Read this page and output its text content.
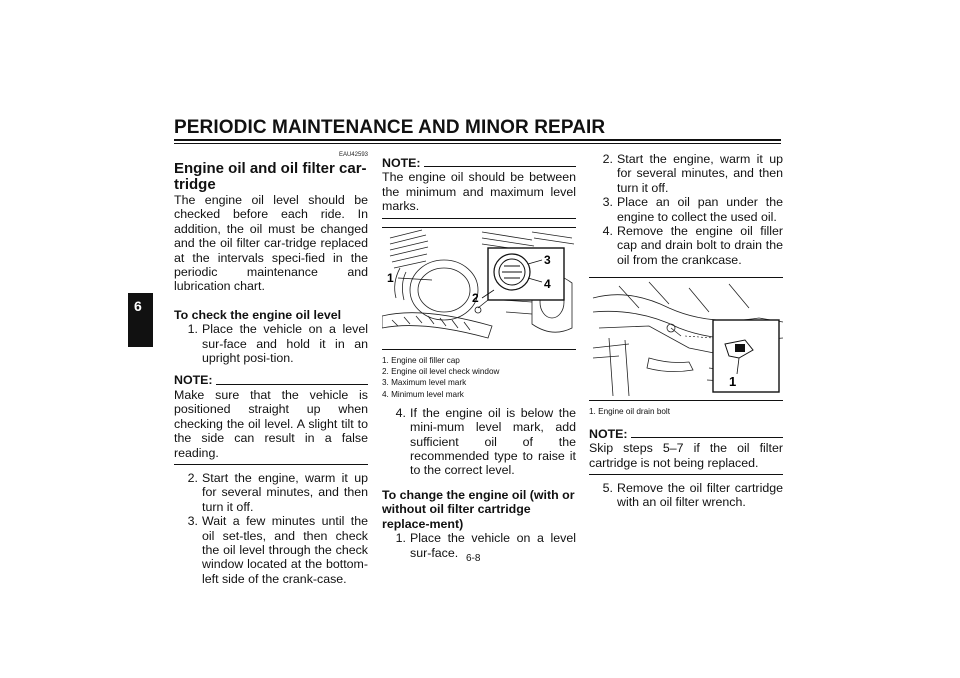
PERIODIC MAINTENANCE AND MINOR REPAIR
6
EAU42593
Engine oil and oil filter car-tridge

The engine oil level should be checked before each ride. In addition, the oil must be changed and the oil filter car-tridge replaced at the intervals speci-fied in the periodic maintenance and lubrication chart.

To check the engine oil level
1. Place the vehicle on a level sur-face and hold it in an upright posi-tion.
NOTE:

Make sure that the vehicle is positioned straight up when checking the oil level. A slight tilt to the side can result in a false reading.

2. Start the engine, warm it up for several minutes, and then turn it off.
3. Wait a few minutes until the oil set-tles, and then check the oil level through the check window located at the bottom-left side of the crank-case.
NOTE:

The engine oil should be between the minimum and maximum level marks.

1
2
3
4
1. Engine oil filler cap
2. Engine oil level check window
3. Maximum level mark
4. Minimum level mark
4. If the engine oil is below the mini-mum level mark, add sufficient oil of the recommended type to raise it to the correct level.
To change the engine oil (with or without oil filter cartridge replace-ment)
1. Place the vehicle on a level sur-face.
2. Start the engine, warm it up for several minutes, and then turn it off.
3. Place an oil pan under the engine to collect the used oil.
4. Remove the engine oil filler cap and drain bolt to drain the oil from the crankcase.
1
1. Engine oil drain bolt
NOTE:

Skip steps 5–7 if the oil filter cartridge is not being replaced.

5. Remove the oil filter cartridge with an oil filter wrench.
6-8
